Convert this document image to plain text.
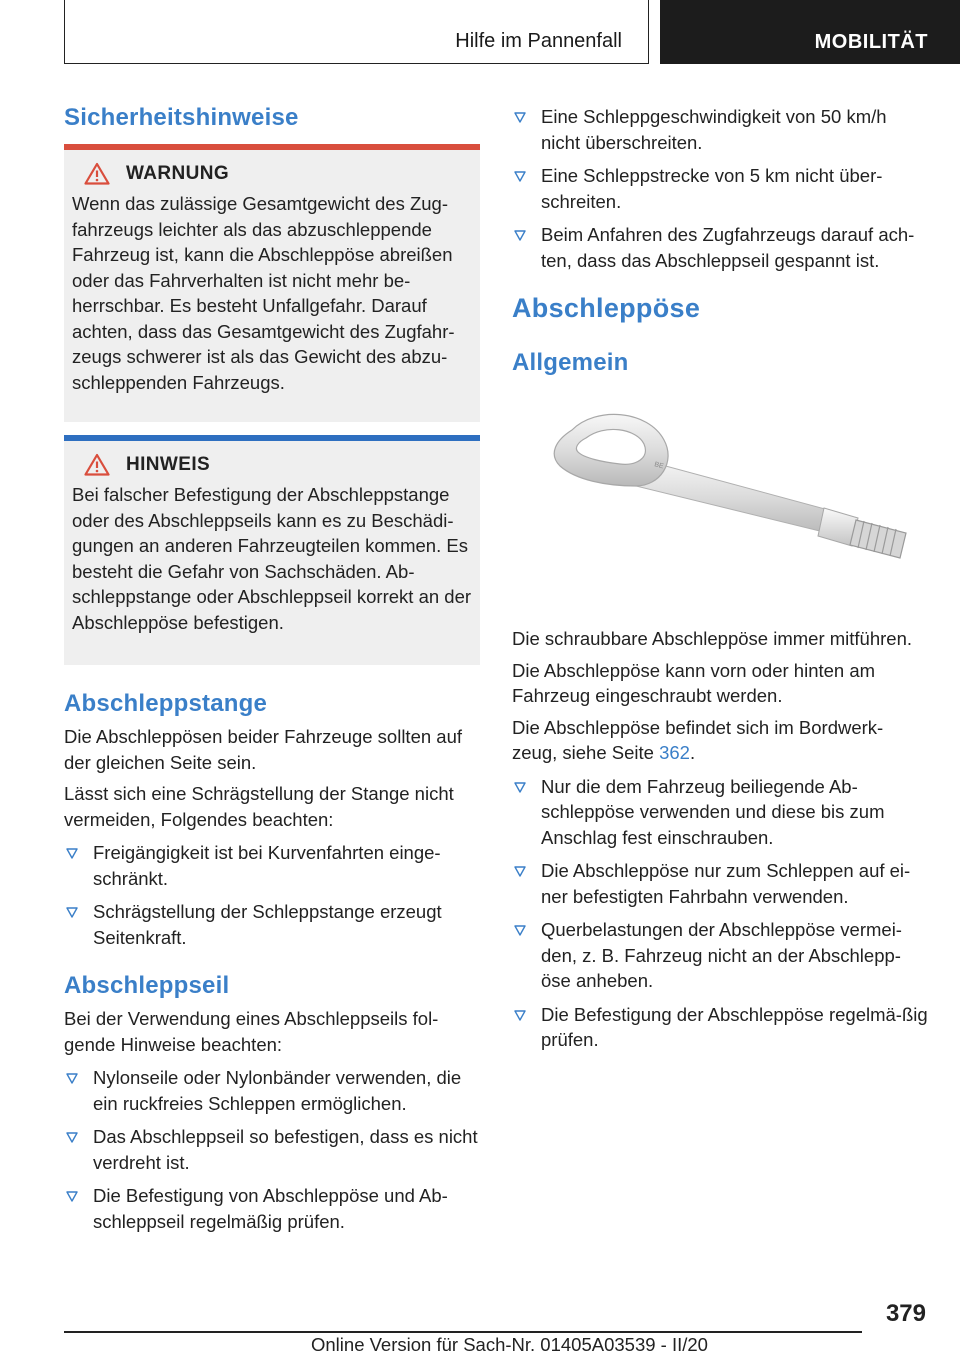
Hilfe im Pannenfall	MOBILITÄT
Sicherheitshinweise
WARNUNG

Wenn das zulässige Gesamtgewicht des Zug-fahrzeugs leichter als das abzuschleppende Fahrzeug ist, kann die Abschleppöse abreißen oder das Fahrverhalten ist nicht mehr be-herrschbar. Es besteht Unfallgefahr. Darauf achten, dass das Gesamtgewicht des Zugfahr-zeugs schwerer ist als das Gewicht des abzu-schleppenden Fahrzeugs.

HINWEIS

Bei falscher Befestigung der Abschleppstange oder des Abschleppseils kann es zu Beschädi-gungen an anderen Fahrzeugteilen kommen. Es besteht die Gefahr von Sachschäden. Ab-schleppstange oder Abschleppseil korrekt an der Abschleppöse befestigen.

Abschleppstange

Die Abschleppösen beider Fahrzeuge sollten auf der gleichen Seite sein.

Lässt sich eine Schrägstellung der Stange nicht vermeiden, Folgendes beachten:

Freigängigkeit ist bei Kurvenfahrten einge-schränkt.
Schrägstellung der Schleppstange erzeugt Seitenkraft.
Abschleppseil

Bei der Verwendung eines Abschleppseils fol-gende Hinweise beachten:

Nylonseile oder Nylonbänder verwenden, die ein ruckfreies Schleppen ermöglichen.
Das Abschleppseil so befestigen, dass es nicht verdreht ist.
Die Befestigung von Abschleppöse und Ab-schleppseil regelmäßig prüfen.
Eine Schleppgeschwindigkeit von 50 km/h nicht überschreiten.
Eine Schleppstrecke von 5 km nicht über-schreiten.
Beim Anfahren des Zugfahrzeugs darauf ach-ten, dass das Abschleppseil gespannt ist.
Abschleppöse
Allgemein
BE

Die schraubbare Abschleppöse immer mitführen.

Die Abschleppöse kann vorn oder hinten am Fahrzeug eingeschraubt werden.

Die Abschleppöse befindet sich im Bordwerk-zeug, siehe Seite 362.

Nur die dem Fahrzeug beiliegende Ab-schleppöse verwenden und diese bis zum Anschlag fest einschrauben.
Die Abschleppöse nur zum Schleppen auf ei-ner befestigten Fahrbahn verwenden.
Querbelastungen der Abschleppöse vermei-den, z. B. Fahrzeug nicht an der Abschlepp-öse anheben.
Die Befestigung der Abschleppöse regelmä-ßig prüfen.
379
Online Version für Sach-Nr. 01405A03539 - II/20
